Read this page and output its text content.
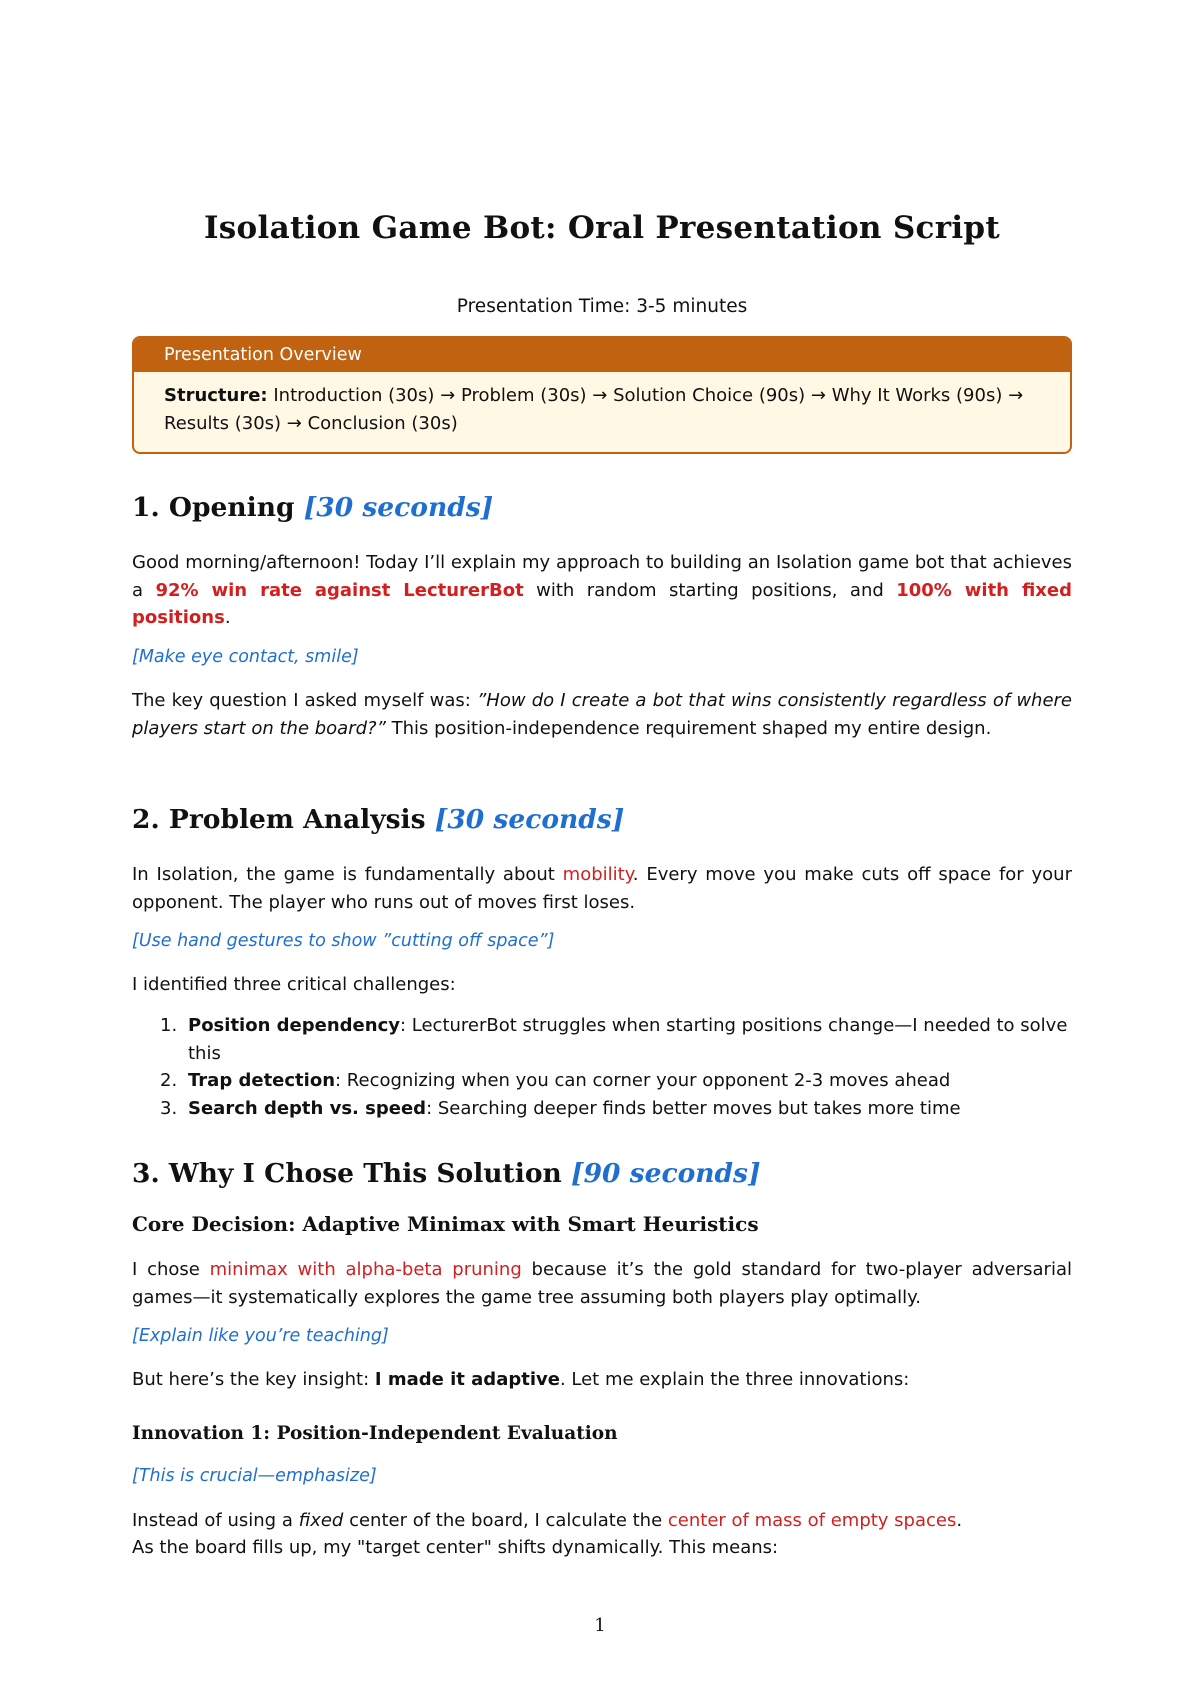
Isolation Game Bot: Oral Presentation Script
Presentation Time: 3-5 minutes
Presentation Overview
Structure: Introduction (30s) → Problem (30s) → Solution Choice (90s) → Why It Works (90s) → Results (30s) → Conclusion (30s)
1. Opening [30 seconds]
Good morning/afternoon! Today I’ll explain my approach to building an Isolation game bot that achieves a 92% win rate against LecturerBot with random starting positions, and 100% with fixed positions.
[Make eye contact, smile]
The key question I asked myself was: ”How do I create a bot that wins consistently regardless of where players start on the board?” This position-independence requirement shaped my entire design.
2. Problem Analysis [30 seconds]
In Isolation, the game is fundamentally about mobility. Every move you make cuts off space for your opponent. The player who runs out of moves first loses.
[Use hand gestures to show ”cutting off space”]
I identified three critical challenges:
1. Position dependency: LecturerBot struggles when starting positions change—I needed to solve this
2. Trap detection: Recognizing when you can corner your opponent 2-3 moves ahead
3. Search depth vs. speed: Searching deeper finds better moves but takes more time
3. Why I Chose This Solution [90 seconds]
Core Decision: Adaptive Minimax with Smart Heuristics
I chose minimax with alpha-beta pruning because it’s the gold standard for two-player adversarial games—it systematically explores the game tree assuming both players play optimally.
[Explain like you’re teaching]
But here’s the key insight: I made it adaptive. Let me explain the three innovations:
Innovation 1: Position-Independent Evaluation
[This is crucial—emphasize]
Instead of using a fixed center of the board, I calculate the center of mass of empty spaces.
As the board fills up, my "target center" shifts dynamically. This means:
1
